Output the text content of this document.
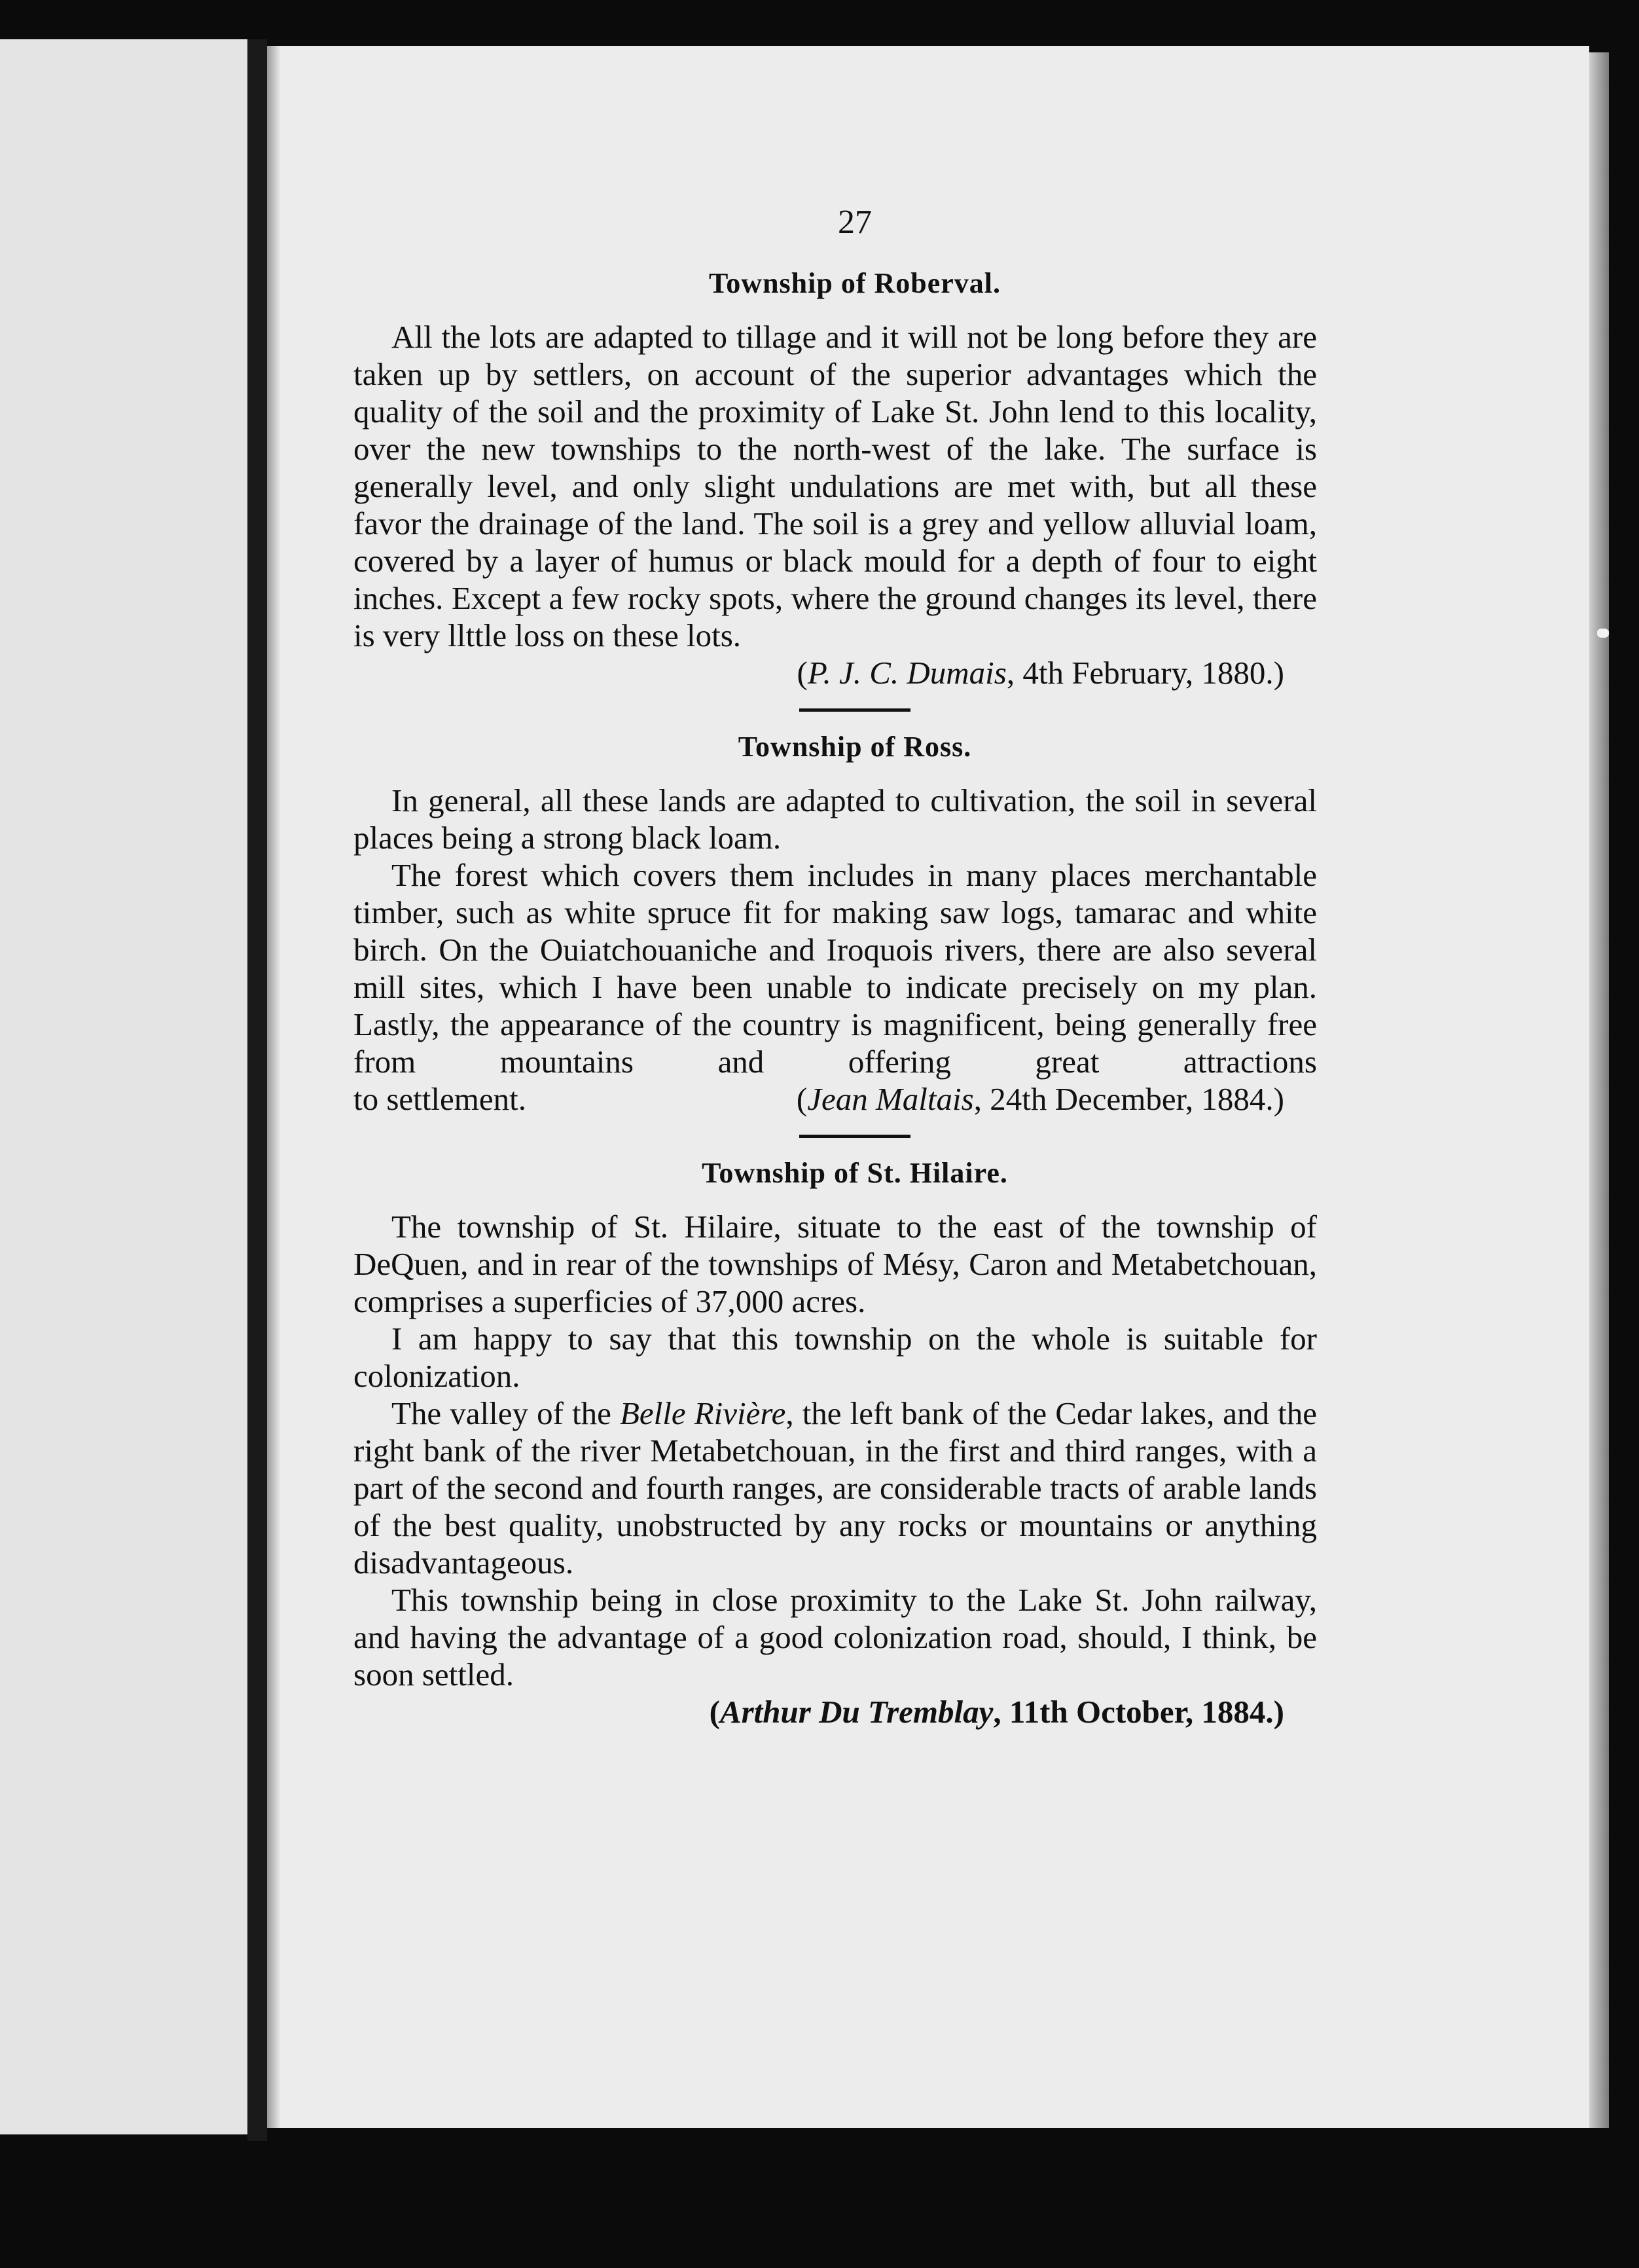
27
Township of Roberval.

All the lots are adapted to tillage and it will not be long before they are taken up by settlers, on account of the superior advantages which the quality of the soil and the proximity of Lake St. John lend to this locality, over the new townships to the north-west of the lake. The surface is generally level, and only slight undulations are met with, but all these favor the drainage of the land. The soil is a grey and yellow alluvial loam, covered by a layer of humus or black mould for a depth of four to eight inches. Except a few rocky spots, where the ground changes its level, there is very llttle loss on these lots.

(P. J. C. Dumais, 4th February, 1880.)

Township of Ross.

In general, all these lands are adapted to cultivation, the soil in several places being a strong black loam.

The forest which covers them includes in many places merchantable timber, such as white spruce fit for making saw logs, tamarac and white birch. On the Ouiatchouaniche and Iroquois rivers, there are also several mill sites, which I have been unable to indicate precisely on my plan. Lastly, the appearance of the country is magnificent, being generally free from mountains and offering great attractions

to settlement.	(Jean Maltais, 24th December, 1884.)
Township of St. Hilaire.

The township of St. Hilaire, situate to the east of the township of DeQuen, and in rear of the townships of Mésy, Caron and Metabetchouan, comprises a superficies of 37,000 acres.

I am happy to say that this township on the whole is suitable for colonization.

The valley of the Belle Rivière, the left bank of the Cedar lakes, and the right bank of the river Metabetchouan, in the first and third ranges, with a part of the second and fourth ranges, are considerable tracts of arable lands of the best quality, unobstructed by any rocks or mountains or anything disadvantageous.

This township being in close proximity to the Lake St. John railway, and having the advantage of a good colonization road, should, I think, be soon settled.

(Arthur Du Tremblay, 11th October, 1884.)
